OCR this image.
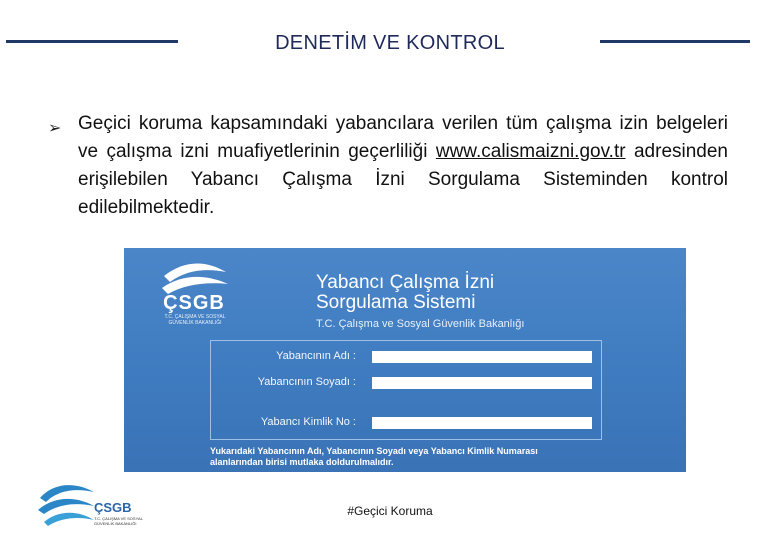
DENETİM VE KONTROL
➢ Geçici koruma kapsamındaki yabancılara verilen tüm çalışma izin belgeleri ve çalışma izni muafiyetlerinin geçerliliği www.calismaizni.gov.tr adresinden erişilebilen Yabancı Çalışma İzni Sorgulama Sisteminden kontrol edilebilmektedir.
ÇSGB
T.C. ÇALIŞMA VE SOSYAL GÜVENLİK BAKANLIĞI
Yabancı Çalışma İzni
Sorgulama Sistemi
T.C. Çalışma ve Sosyal Güvenlik Bakanlığı
Yabancının Adı :
Yabancının Soyadı :
Yabancı Kimlik No :
Yukarıdaki Yabancının Adı, Yabancının Soyadı veya Yabancı Kimlik Numarası alanlarından birisi mutlaka doldurulmalıdır.
ÇSGB
T.C. ÇALIŞMA VE SOSYAL GÜVENLİK BAKANLIĞI
#Geçici Koruma
